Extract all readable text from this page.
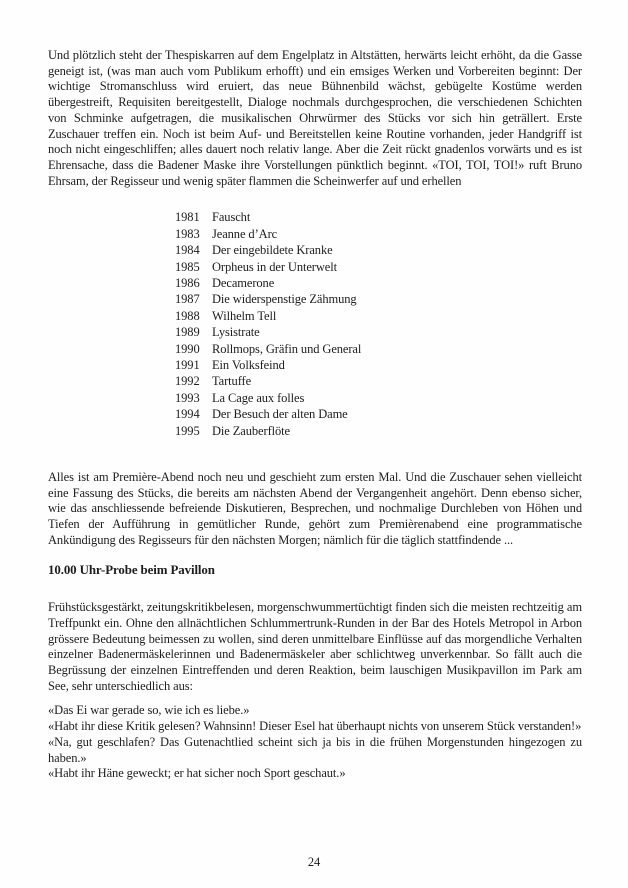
Und plötzlich steht der Thespiskarren auf dem Engelplatz in Altstätten, herwärts leicht erhöht, da die Gasse geneigt ist, (was man auch vom Publikum erhofft) und ein emsiges Werken und Vorbereiten beginnt: Der wichtige Stromanschluss wird eruiert, das neue Bühnenbild wächst, gebügelte Kostüme werden übergestreift, Requisiten bereitgestellt, Dialoge nochmals durchgesprochen, die verschiedenen Schichten von Schminke aufgetragen, die musikalischen Ohrwürmer des Stücks vor sich hin geträllert. Erste Zuschauer treffen ein. Noch ist beim Auf- und Bereitstellen keine Routine vorhanden, jeder Handgriff ist noch nicht eingeschliffen; alles dauert noch relativ lange. Aber die Zeit rückt gnadenlos vorwärts und es ist Ehrensache, dass die Badener Maske ihre Vorstellungen pünktlich beginnt. «TOI, TOI, TOI!» ruft Bruno Ehrsam, der Regisseur und wenig später flammen die Scheinwerfer auf und erhellen

1981 Fauscht
1983 Jeanne d’Arc
1984 Der eingebildete Kranke
1985 Orpheus in der Unterwelt
1986 Decamerone
1987 Die widerspenstige Zähmung
1988 Wilhelm Tell
1989 Lysistrate
1990 Rollmops, Gräfin und General
1991 Ein Volksfeind
1992 Tartuffe
1993 La Cage aux folles
1994 Der Besuch der alten Dame
1995 Die Zauberflöte

Alles ist am Première-Abend noch neu und geschieht zum ersten Mal. Und die Zuschauer sehen vielleicht eine Fassung des Stücks, die bereits am nächsten Abend der Vergangenheit angehört. Denn ebenso sicher, wie das anschliessende befreiende Diskutieren, Besprechen, und nochmalige Durchleben von Höhen und Tiefen der Aufführung in gemütlicher Runde, gehört zum Premièrenabend eine programmatische Ankündigung des Regisseurs für den nächsten Morgen; nämlich für die täglich stattfindende ...

10.00 Uhr-Probe beim Pavillon

Frühstücksgestärkt, zeitungskritikbelesen, morgenschwummertüchtigt finden sich die meisten rechtzeitig am Treffpunkt ein. Ohne den allnächtlichen Schlummertrunk-Runden in der Bar des Hotels Metropol in Arbon grössere Bedeutung beimessen zu wollen, sind deren unmittelbare Einflüsse auf das morgendliche Verhalten einzelner Badenermäskelerinnen und Badenermäskeler aber schlichtweg unverkennbar. So fällt auch die Begrüssung der einzelnen Eintreffenden und deren Reaktion, beim lauschigen Musikpavillon im Park am See, sehr unterschiedlich aus:

«Das Ei war gerade so, wie ich es liebe.»

«Habt ihr diese Kritik gelesen? Wahnsinn! Dieser Esel hat überhaupt nichts von unserem Stück verstanden!»

«Na, gut geschlafen? Das Gutenachtlied scheint sich ja bis in die frühen Morgenstunden hingezogen zu haben.»

«Habt ihr Häne geweckt; er hat sicher noch Sport geschaut.»

24
